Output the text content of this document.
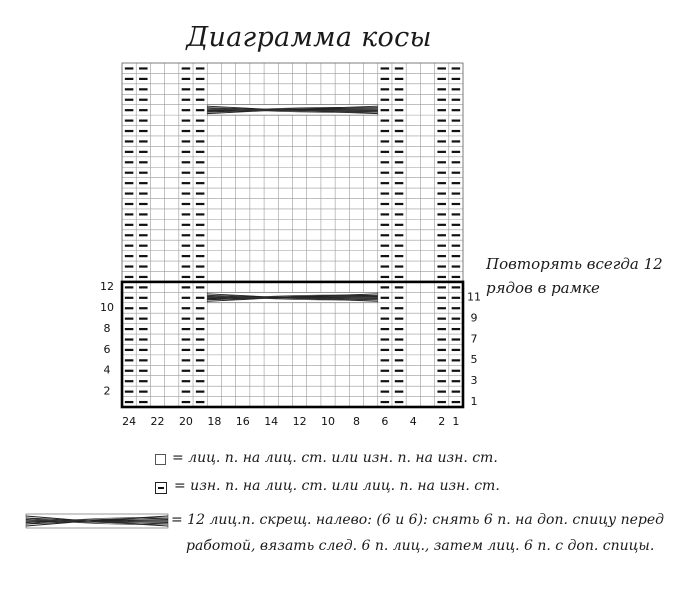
Диаграмма косы
24 22 20 18 16 14 12 10 8 6 4 2 1
12
10
8
6
4
2
11
9
7
5
3
1
Повторять всегда 12
рядов в рамке
= лиц. п. на лиц. ст. или изн. п. на изн. ст.
= изн. п. на лиц. ст. или лиц. п. на изн. ст.
= 12 лиц.п. скрещ. налево: (6 и 6): снять 6 п. на доп. спицу перед
работой, вязать след. 6 п. лиц., затем лиц. 6 п. с доп. спицы.
